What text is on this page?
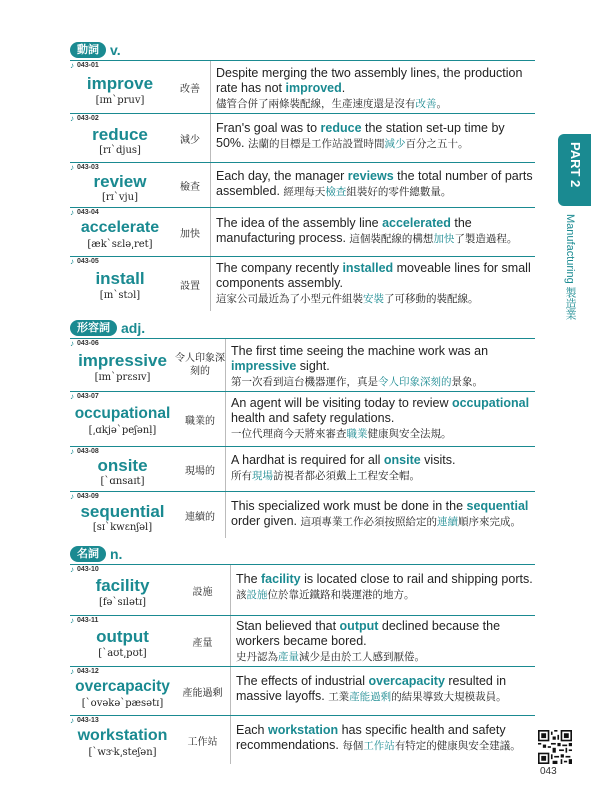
動詞 v.
形容詞 adj.
名詞 n.
♪ 043-01
improve
[ɪmˋpruv]
改善
Despite merging the two assembly lines, the production rate has not improved.
儘管合併了兩條裝配線，生產速度還是沒有改善。
♪ 043-02
reduce
[rɪˋdjus]
減少
Fran's goal was to reduce the station set-up time by 50%. 法蘭的目標是工作站設置時間減少百分之五十。
♪ 043-03
review
[rɪˋvju]
檢查
Each day, the manager reviews the total number of parts assembled. 經理每天檢查組裝好的零件總數量。
♪ 043-04
accelerate
[ækˋsɛlə͵ret]
加快
The idea of the assembly line accelerated the manufacturing process. 這個裝配線的構想加快了製造過程。
♪ 043-05
install
[ɪnˋstɔl]
設置
The company recently installed moveable lines for small components assembly.
這家公司最近為了小型元件組裝安裝了可移動的裝配線。
♪ 043-06
impressive
[ɪmˋprɛsɪv]
令人印象深刻的
The first time seeing the machine work was an impressive sight.
第一次看到這台機器運作，真是令人印象深刻的景象。
♪ 043-07
occupational
[͵ɑkjəˋpeʃənḷ]
職業的
An agent will be visiting today to review occupational health and safety regulations.
一位代理商今天將來審查職業健康與安全法規。
♪ 043-08
onsite
[ˋɑnsaɪt]
現場的
A hardhat is required for all onsite visits.
所有現場訪視者都必須戴上工程安全帽。
♪ 043-09
sequential
[sɪˋkwɛnʃəl]
連續的
This specialized work must be done in the sequential order given. 這項專業工作必須按照給定的連續順序來完成。
♪ 043-10
facility
[fəˋsɪlətɪ]
設施
The facility is located close to rail and shipping ports. 該設施位於靠近鐵路和裝運港的地方。
♪ 043-11
output
[ˋaʊt͵pʊt]
產量
Stan believed that output declined because the workers became bored.
史丹認為產量減少是由於工人感到厭倦。
♪ 043-12
overcapacity
[ˋovəkəˋpæsətɪ]
產能過剩
The effects of industrial overcapacity resulted in massive layoffs. 工業產能過剩的結果導致大規模裁員。
♪ 043-13
workstation
[ˋwɝk͵steʃən]
工作站
Each workstation has specific health and safety recommendations. 每個工作站有特定的健康與安全建議。
PART 2
Manufacturing 製造業
043
